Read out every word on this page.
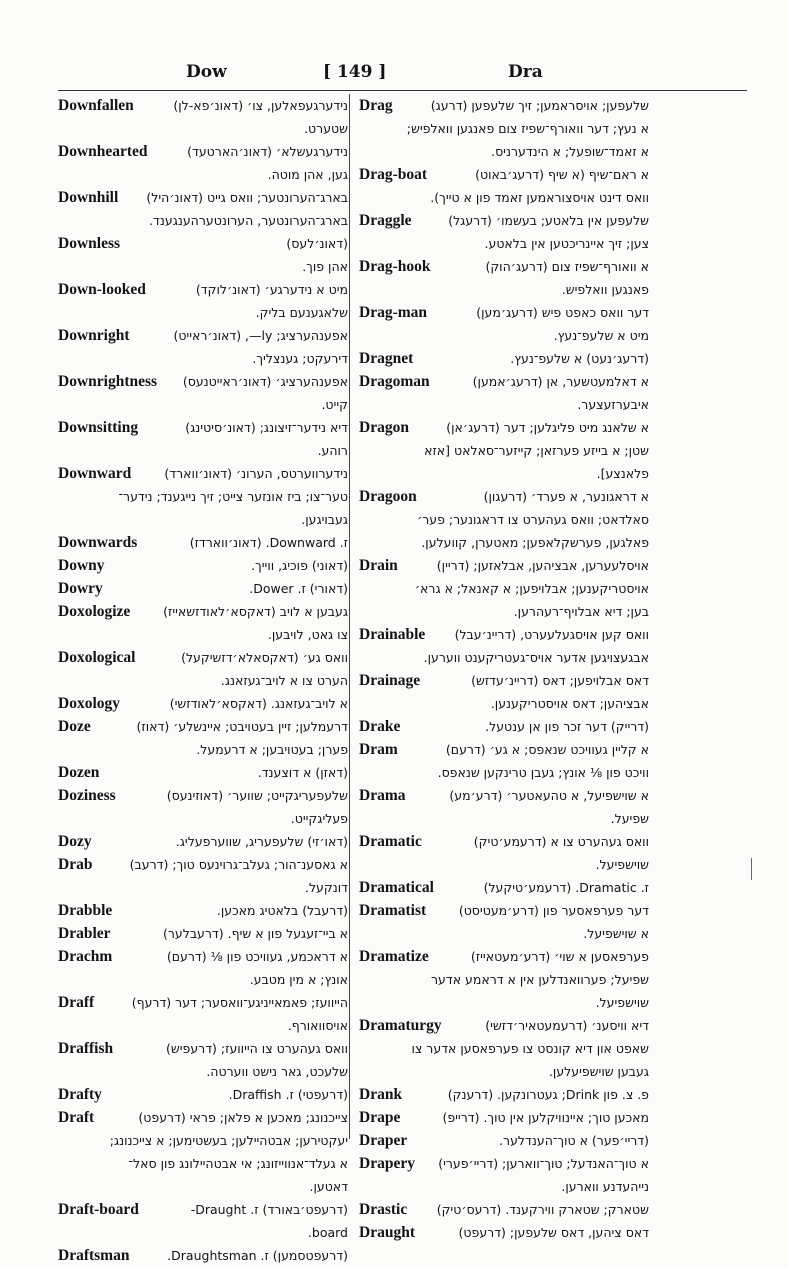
Dow	[ 149 ]	Dra
Downfallen	נידערגעפאלען, צו׳ (דאונ׳פא-לן)
שטערט.
Downhearted	נידערגעשלא׳ (דאונ׳הארטעד)
גען, אהן מוטה.
Downhill	בארג־הערונטער; וואס גייט (דאונ׳היל)
בארג־הערונטער, הערונטערהענגענד.
Downless	(דאונ׳לעס)
אהן פוך.
Down-looked	מיט א נידערגע׳ (דאונ׳לוקד)
שלאגענעם בליק.
Downright	אפענהערציג; ly—, (דאונ׳ראייט)
דירעקט; גענצליך.
Downrightness	אפענהערציג׳ (דאונ׳ראייטנעס)
קייט.
Downsitting	דיא נידער־זיצונג; (דאונ׳סיטינג)
רוהע.
Downward	נידערווערטס, הערונ׳ (דאונ׳ווארד)
טער־צו; ביז אונזער צייט; זיך נייגענד; נידער־
געבויגען.
Downwards	ז. Downward. (דאונ׳ווארדז)
Downy	(דאוני) פוכיג, ווייך.
Dowry	(דאורי) ז. Dower.
Doxologize	געבען א לויב (דאקסא׳לאודזשאייז)
צו גאט, לויבען.
Doxological	וואס גע׳ (דאקסאלא׳דזשיקעל)
הערט צו א לויב־געזאנג.
Doxology	א לויב־געזאנג. (דאקסא׳לאודזשי)
Doze	דרעמלען; זיין בעטויבט; איינשלע׳ (דאוז)
פערן; בעטויבען; א דרעמעל.
Dozen	(דאזן) א דוצענד.
Doziness	שלעפעריגקייט; שווער׳ (דאוזינעס)
פעליגקייט.
Dozy	(דאו׳זי) שלעפעריג, שווערפעליג.
Drab	א גאסענ־הור; געלב־גרוינעס טוך; (דרעב)
דונקעל.
Drabble	(דרעבל) בלאטיג מאכען.
Drabler	א ביי־זעגעל פון א שיף. (דרעבלער)
Drachm	א דראכמע, געוויכט פון ⅛ (דרעם)
אונץ; א מין מטבע.
Draff	הייוועז; פאמאייניגע־וואסער; דער (דרעף)
אויסוואורף.
Draffish	וואס געהערט צו הייוועז; (דרעפיש)
שלעכט, גאר נישט ווערטה.
Drafty	(דרעפטי) ז. Draffish.
Draft	צייכנונג; מאכען א פלאן; פראי (דרעפט)
יעקטירען; אבטהיילען; בעשטימען; א צייכנונג;
א געלד־אנווייזונג; אי אבטהיילונג פון סאל־
דאטען.
Draft-board	(דרעפט׳באורד) ז. Draught-
board.
Draftsman	(דרעפטסמען) ז. Draughtsman.
Drag	שלעפען; אויסראמען; זיך שלעפען (דרעג)
א נעץ; דער וואורף־שפיז צום פאנגען וואלפיש;
א זאמד־שופעל; א הינדערניס.
Drag-boat	א ראם־שיף (א שיף (דרעג׳באוט)
וואס דינט אויסצוראמען זאמד פון א טייך).
Draggle	שלעפען אין בלאטע; בעשמו׳ (דרעגל)
צען; זיך איינריכטען אין בלאטע.
Drag-hook	א וואורף־שפיז צום (דרעג׳הוק)
פאנגען וואלפיש.
Drag-man	דער וואס כאפט פיש (דרעג׳מען)
מיט א שלעפ־נעץ.
Dragnet	(דרעג׳נעט) א שלעפ־נעץ.
Dragoman	א דאלמעטשער, אן (דרעג׳אמען)
איבערזעצער.
Dragon	א שלאנג מיט פליגלען; דער (דרעג׳אן)
שטן; א בייזע פערזאן; קייזער־סאלאט [אזא
פלאנצע].
Dragoon	א דראגונער, א פערד׳ (דרעגון)
סאלדאט; וואס געהערט צו דראגונער; פער׳
פאלגען, פערשקלאפען; מאטערן, קוועלען.
Drain	אויסלעערען, אבציהען, אבלאזען; (דריין)
אויסטריקענען; אבלויפען; א קאנאל; א גרא׳
בען; דיא אבלויף־רעהרען.
Drainable	וואס קען אויסגעלעערט, (דריינ׳עבל)
אבגעצויגען אדער אויס־געטריקענט ווערען.
Drainage	דאס אבלויפען; דאס (דריינ׳עדזש)
אבציהען; דאס אויסטריקענען.
Drake	(דרייק) דער זכר פון אן ענטעל.
Dram	א קליין געוויכט שנאפס; א גע׳ (דרעם)
וויכט פון ⅛ אונץ; געבן טרינקען שנאפס.
Drama	א שוישפיעל, א טהעאטער׳ (דרע׳מע)
שפיעל.
Dramatic	וואס געהערט צו א (דרעמע׳טיק)
שוישפיעל.
Dramatical	ז. Dramatic. (דרעמע׳טיקעל)
Dramatist	דער פערפאסער פון (דרע׳מעטיסט)
א שוישפיעל.
Dramatize	פערפאסען א שוי׳ (דרע׳מעטאייז)
שפיעל; פערוואנדלען אין א דראמע אדער
שוישפיעל.
Dramaturgy	דיא וויסענ׳ (דרעמעטאיר׳דזשי)
שאפט און דיא קונסט צו פערפאסען אדער צו
געבען שוישפיעלען.
Drank	פ. צ. פון Drink; געטרונקען. (דרענק)
Drape	מאכען טוך; איינוויקלען אין טוך. (דרייפ)
Draper	(דריי׳פער) א טוך־הענדלער.
Drapery	א טוך־האנדעל; טוך־ווארען; (דריי׳פערי)
נייהעדנע ווארען.
Drastic	שטארק; שטארק ווירקענד. (דרעס׳טיק)
Draught	דאס ציהען, דאס שלעפען; (דרעפט)
